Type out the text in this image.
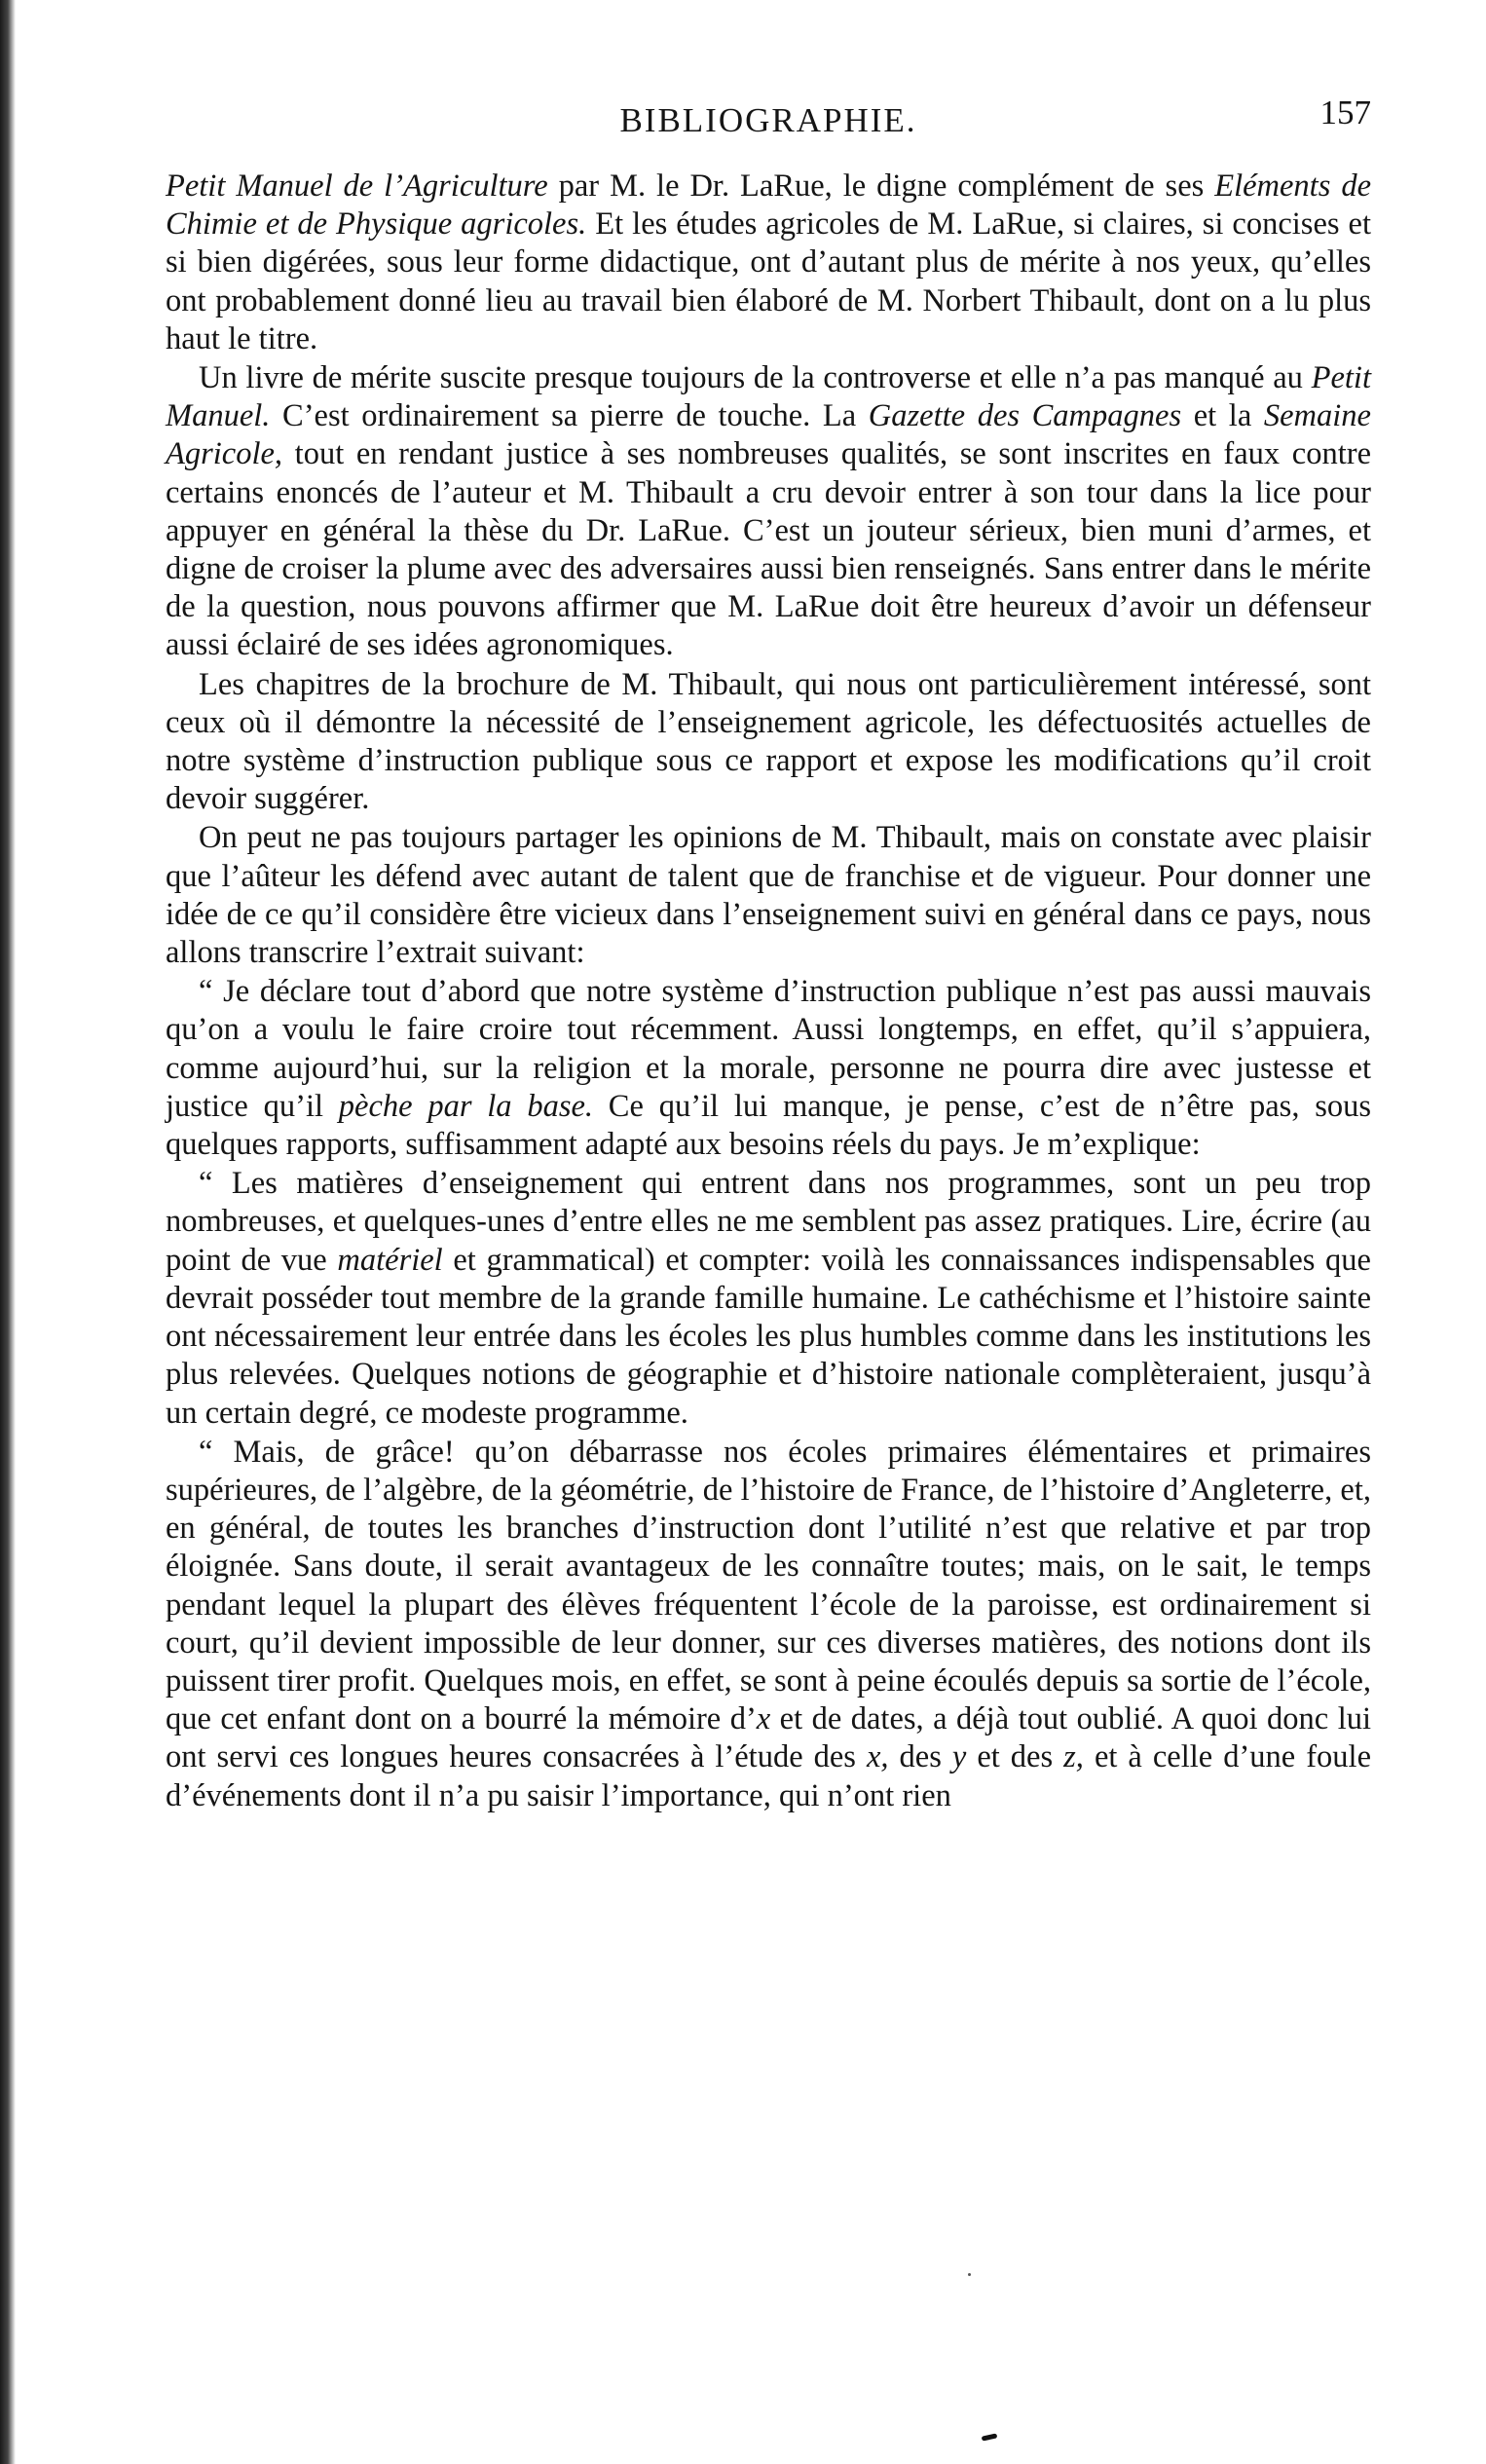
BIBLIOGRAPHIE.	157

Petit Manuel de l’Agriculture par M. le Dr. LaRue, le digne complément de ses Eléments de Chimie et de Physique agricoles. Et les études agricoles de M. LaRue, si claires, si concises et si bien digérées, sous leur forme didactique, ont d’autant plus de mérite à nos yeux, qu’elles ont probablement donné lieu au travail bien élaboré de M. Norbert Thibault, dont on a lu plus haut le titre.

Un livre de mérite suscite presque toujours de la controverse et elle n’a pas manqué au Petit Manuel. C’est ordinairement sa pierre de touche. La Gazette des Campagnes et la Semaine Agricole, tout en rendant justice à ses nombreuses qualités, se sont inscrites en faux contre certains enoncés de l’auteur et M. Thibault a cru devoir entrer à son tour dans la lice pour appuyer en général la thèse du Dr. LaRue. C’est un jouteur sérieux, bien muni d’armes, et digne de croiser la plume avec des adversaires aussi bien renseignés. Sans entrer dans le mérite de la question, nous pouvons affirmer que M. LaRue doit être heureux d’avoir un défenseur aussi éclairé de ses idées agronomiques.

Les chapitres de la brochure de M. Thibault, qui nous ont particulièrement intéressé, sont ceux où il démontre la nécessité de l’enseignement agricole, les défectuosités actuelles de notre système d’instruction publique sous ce rapport et expose les modifications qu’il croit devoir suggérer.

On peut ne pas toujours partager les opinions de M. Thibault, mais on constate avec plaisir que l’aûteur les défend avec autant de talent que de franchise et de vigueur. Pour donner une idée de ce qu’il considère être vicieux dans l’enseignement suivi en général dans ce pays, nous allons transcrire l’extrait suivant:

“ Je déclare tout d’abord que notre système d’instruction publique n’est pas aussi mauvais qu’on a voulu le faire croire tout récemment. Aussi longtemps, en effet, qu’il s’appuiera, comme aujourd’hui, sur la religion et la morale, personne ne pourra dire avec justesse et justice qu’il pèche par la base. Ce qu’il lui manque, je pense, c’est de n’être pas, sous quelques rapports, suffisamment adapté aux besoins réels du pays. Je m’explique:

“ Les matières d’enseignement qui entrent dans nos programmes, sont un peu trop nombreuses, et quelques-unes d’entre elles ne me semblent pas assez pratiques. Lire, écrire (au point de vue matériel et grammatical) et compter: voilà les connaissances indispensables que devrait posséder tout membre de la grande famille humaine. Le cathéchisme et l’histoire sainte ont nécessairement leur entrée dans les écoles les plus humbles comme dans les institutions les plus relevées. Quelques notions de géographie et d’histoire nationale complèteraient, jusqu’à un certain degré, ce modeste programme.

“ Mais, de grâce! qu’on débarrasse nos écoles primaires élémentaires et primaires supérieures, de l’algèbre, de la géométrie, de l’histoire de France, de l’histoire d’Angleterre, et, en général, de toutes les branches d’instruction dont l’utilité n’est que relative et par trop éloignée. Sans doute, il serait avantageux de les connaître toutes; mais, on le sait, le temps pendant lequel la plupart des élèves fréquentent l’école de la paroisse, est ordinairement si court, qu’il devient impossible de leur donner, sur ces diverses matières, des notions dont ils puissent tirer profit. Quelques mois, en effet, se sont à peine écoulés depuis sa sortie de l’école, que cet enfant dont on a bourré la mémoire d’x et de dates, a déjà tout oublié. A quoi donc lui ont servi ces longues heures consacrées à l’étude des x, des y et des z, et à celle d’une foule d’événements dont il n’a pu saisir l’importance, qui n’ont rien
